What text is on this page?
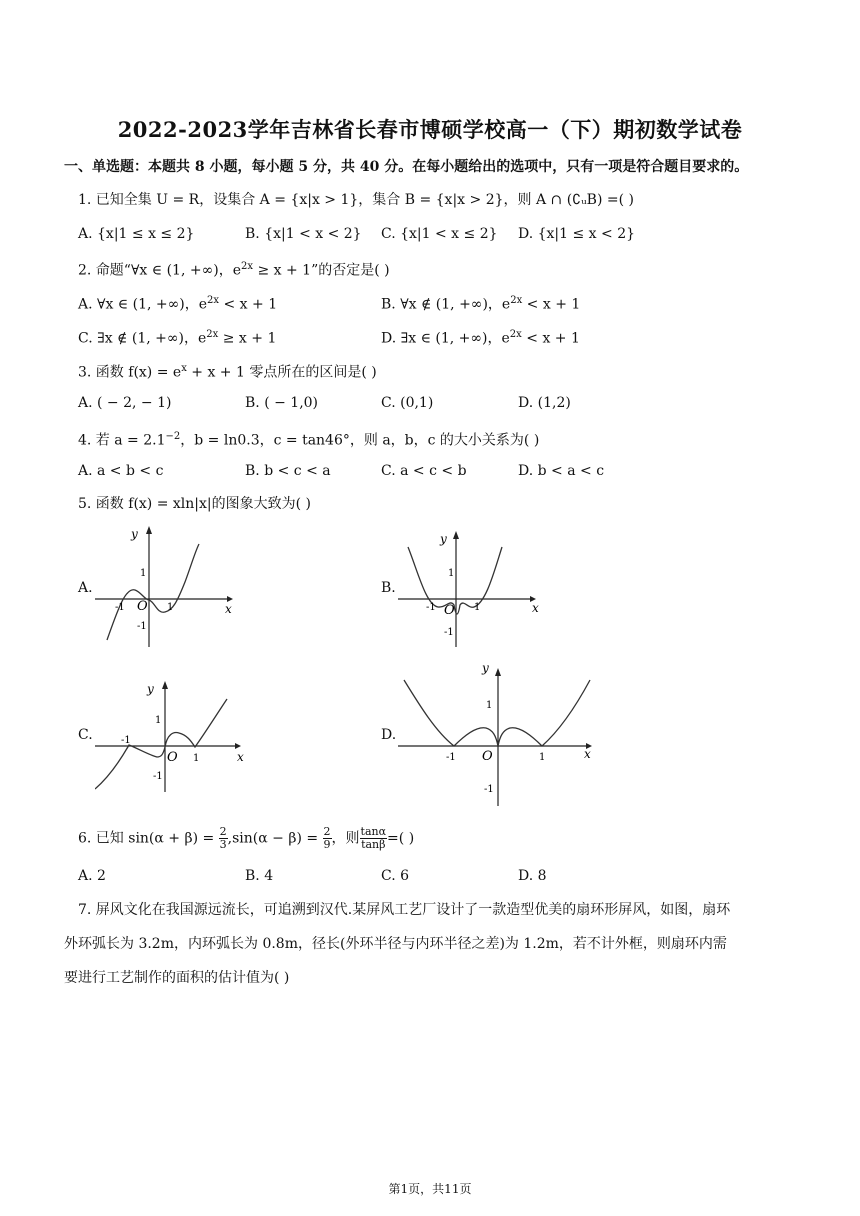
2022-2023学年吉林省长春市博硕学校高一（下）期初数学试卷
一、单选题：本题共 8 小题，每小题 5 分，共 40 分。在每小题给出的选项中，只有一项是符合题目要求的。
1. 已知全集 U = R，设集合 A = {x|x > 1}，集合 B = {x|x > 2}，则 A ∩ (∁ᵤB) =( )
A. {x|1 ≤ x ≤ 2}	B. {x|1 < x < 2} C. {x|1 < x ≤ 2} D. {x|1 ≤ x < 2}
2. 命题“∀x ∈ (1, +∞)，$e^{2x} \ge x + 1$”的否定是( )
A. ∀x ∈ (1, +∞)，$e^{2x} < x + 1$	B. ∀x ∉ (1, +∞)，$e^{2x} < x + 1$
C. ∃x ∉ (1, +∞)，$e^{2x} \ge x + 1$	D. ∃x ∈ (1, +∞)，$e^{2x} < x + 1$
3. 函数 $f(x) = e^x + x + 1$ 零点所在的区间是( )
A. ( − 2, − 1)	B. ( − 1,0)	C. (0,1)	D. (1,2)
4. 若 $a = 2.1^{-2}$，b = ln0.3，c = tan46°，则 a，b，c 的大小关系为( )
A. a < b < c	B. b < c < a	C. a < c < b	D. b < a < c
5. 函数 f(x) = xln|x|的图象大致为( )
A.	B.
C.	D.
y
x
O
1
1
-1
-1
y
x
O
1
1
-1
-1
y
x
O
1
1
-1
-1
y
x
O
1
1
-1
-1
6. 已知 $\sin(\alpha + \beta) = \frac{2}{3} ,\sin(\alpha - \beta) = \frac{2}{9}$ ，则 $\frac{\tan\alpha}{\tan\beta}$ =( )
A. 2	B. 4	C. 6	D. 8
7. 屏风文化在我国源远流长，可追溯到汉代.某屏风工艺厂设计了一款造型优美的扇环形屏风，如图，扇环
外环弧长为 3.2m，内环弧长为 0.8m，径长(外环半径与内环半径之差)为 1.2m，若不计外框，则扇环内需
要进行工艺制作的面积的估计值为( )
第1页，共11页
